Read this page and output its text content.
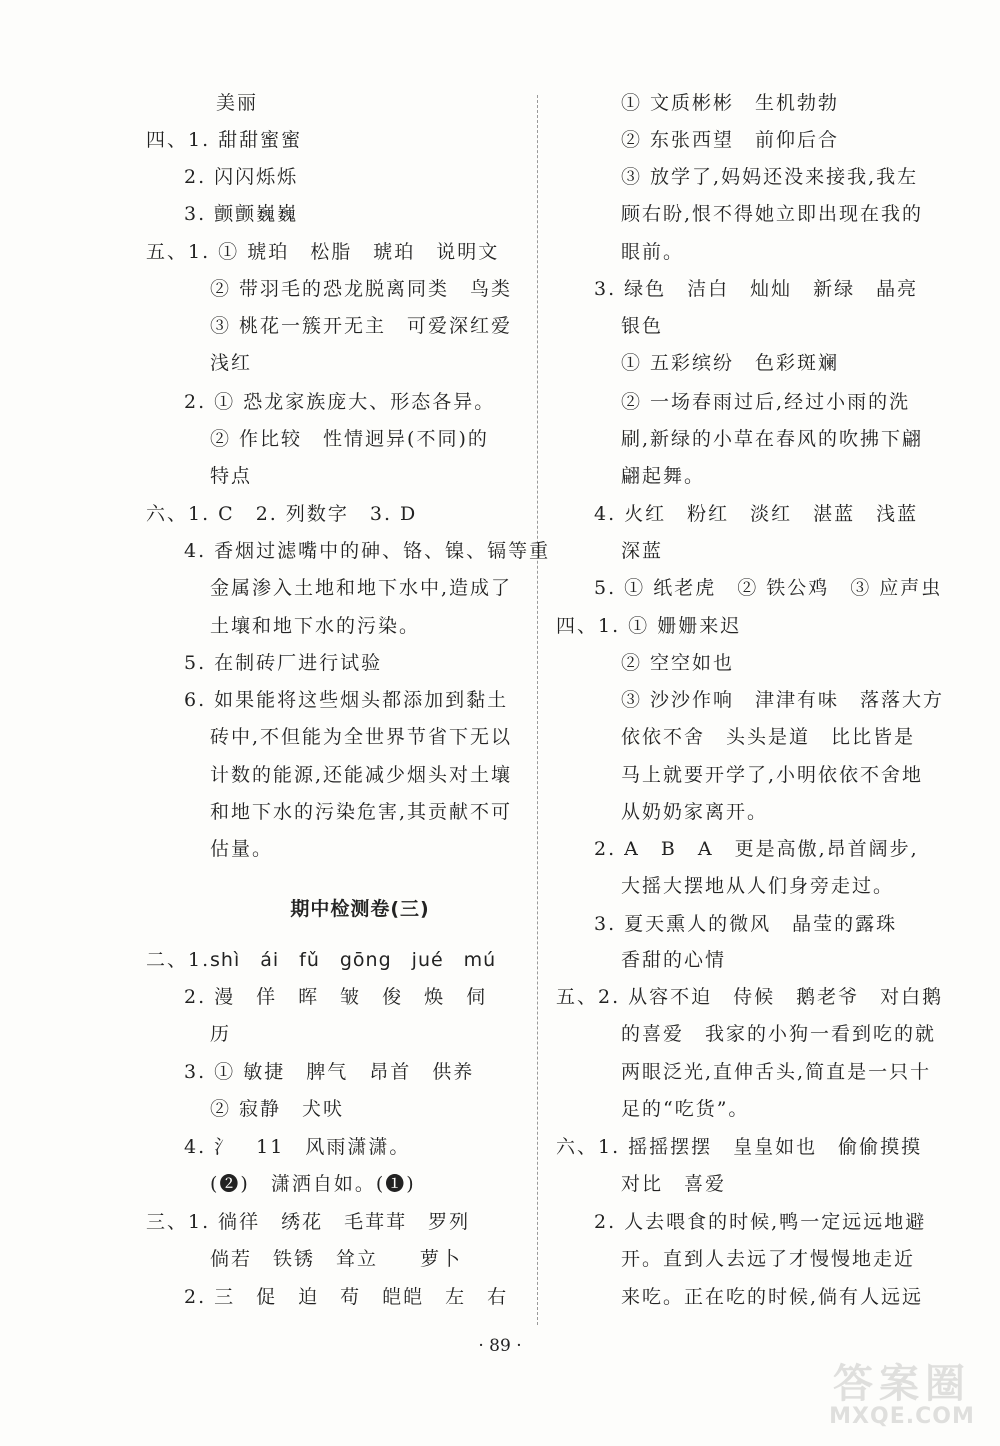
美丽
四、1. 甜甜蜜蜜
2. 闪闪烁烁
3. 颤颤巍巍
五、1. ① 琥珀　松脂　琥珀　说明文
② 带羽毛的恐龙脱离同类　鸟类
③ 桃花一簇开无主　可爱深红爱
浅红
2. ① 恐龙家族庞大、形态各异。
② 作比较　性情迥异(不同)的
特点
六、1. C　2. 列数字　3. D
4. 香烟过滤嘴中的砷、铬、镍、镉等重
金属渗入土地和地下水中,造成了
土壤和地下水的污染。
5. 在制砖厂进行试验
6. 如果能将这些烟头都添加到黏土
砖中,不但能为全世界节省下无以
计数的能源,还能减少烟头对土壤
和地下水的污染危害,其贡献不可
估量。
期中检测卷(三)
二、1. shì　ái　fǔ　gōng　jué　mú
2. 漫　佯　晖　皱　俊　焕　伺
历
3. ① 敏捷　脾气　昂首　供养
② 寂静　犬吠
4. 氵　11　风雨潇潇。
(❷)　潇洒自如。(❶)
三、1. 徜徉　绣花　毛茸茸　罗列
倘若　铁锈　耸立　　萝卜
2. 三　促　迫　苟　皑皑　左　右
① 文质彬彬　生机勃勃
② 东张西望　前仰后合
③ 放学了,妈妈还没来接我,我左
顾右盼,恨不得她立即出现在我的
眼前。
3. 绿色　洁白　灿灿　新绿　晶亮
银色
① 五彩缤纷　色彩斑斓
② 一场春雨过后,经过小雨的洗
刷,新绿的小草在春风的吹拂下翩
翩起舞。
4. 火红　粉红　淡红　湛蓝　浅蓝
深蓝
5. ① 纸老虎　② 铁公鸡　③ 应声虫
四、1. ① 姗姗来迟
② 空空如也
③ 沙沙作响　津津有味　落落大方
依依不舍　头头是道　比比皆是
马上就要开学了,小明依依不舍地
从奶奶家离开。
2. A　B　A　更是高傲,昂首阔步,
大摇大摆地从人们身旁走过。
3. 夏天熏人的微风　晶莹的露珠
香甜的心情
五、2. 从容不迫　侍候　鹅老爷　对白鹅
的喜爱　我家的小狗一看到吃的就
两眼泛光,直伸舌头,简直是一只十
足的“吃货”。
六、1. 摇摇摆摆　皇皇如也　偷偷摸摸
对比　喜爱
2. 人去喂食的时候,鸭一定远远地避
开。直到人去远了才慢慢地走近
来吃。正在吃的时候,倘有人远远
· 89 ·
答案圈
MXQE.COM
